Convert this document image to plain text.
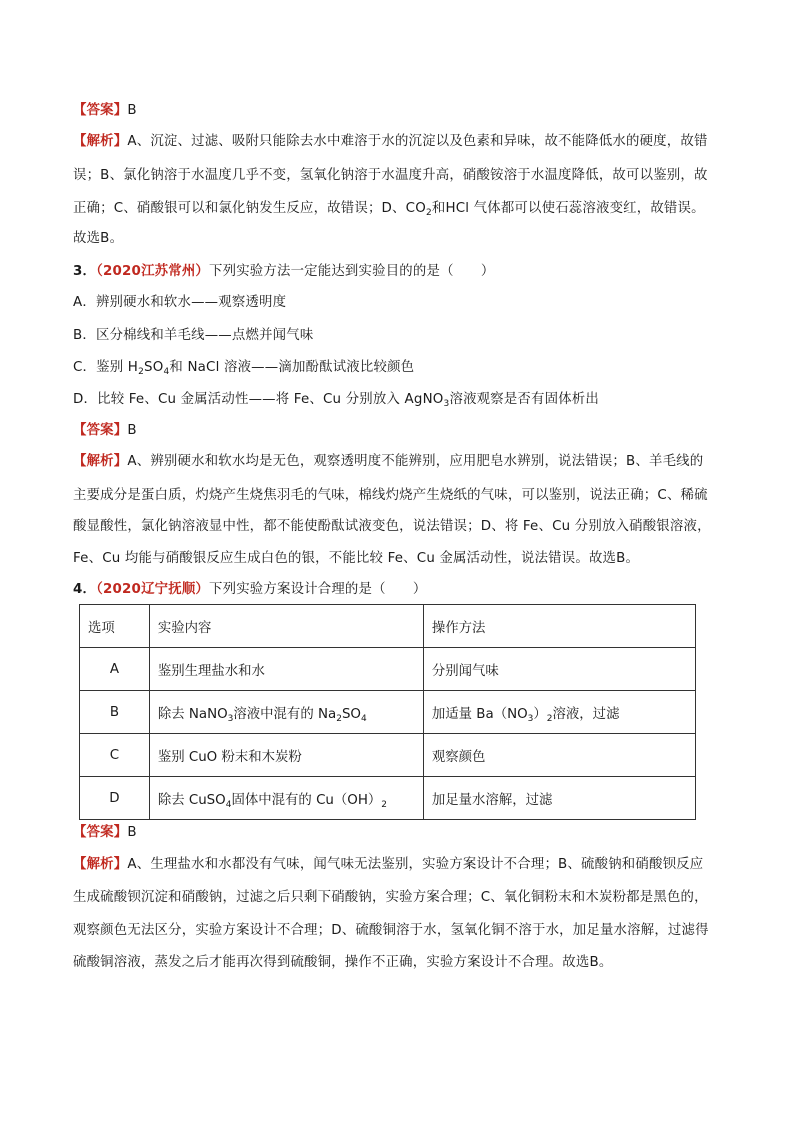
【答案】B
【解析】A、沉淀、过滤、吸附只能除去水中难溶于水的沉淀以及色素和异味，故不能降低水的硬度，故错
误；B、氯化钠溶于水温度几乎不变，氢氧化钠溶于水温度升高，硝酸铵溶于水温度降低，故可以鉴别，故
正确；C、硝酸银可以和氯化钠发生反应，故错误；D、$CO_2$和HCl 气体都可以使石蕊溶液变红，故错误。
故选B。
3．（2020江苏常州）下列实验方法一定能达到实验目的的是（　　）
A．辨别硬水和软水——观察透明度
B．区分棉线和羊毛线——点燃并闻气味
C．鉴别 $H_2SO_4$和 NaCl 溶液——滴加酚酞试液比较颜色
D．比较 Fe、Cu 金属活动性——将 Fe、Cu 分别放入 AgNO$_3$溶液观察是否有固体析出
【答案】B
【解析】A、辨别硬水和软水均是无色，观察透明度不能辨别，应用肥皂水辨别，说法错误；B、羊毛线的
主要成分是蛋白质，灼烧产生烧焦羽毛的气味，棉线灼烧产生烧纸的气味，可以鉴别，说法正确；C、稀硫
酸显酸性，氯化钠溶液显中性，都不能使酚酞试液变色，说法错误；D、将 Fe、Cu 分别放入硝酸银溶液，
Fe、Cu 均能与硝酸银反应生成白色的银，不能比较 Fe、Cu 金属活动性，说法错误。故选B。
4．（2020辽宁抚顺）下列实验方案设计合理的是（　　）
选项	实验内容	操作方法
A	鉴别生理盐水和水	分别闻气味
B	除去 NaNO$_3$溶液中混有的 $Na_2SO_4$	加适量 $Ba(NO_3)_2$溶液，过滤
C	鉴别 CuO 粉末和木炭粉	观察颜色
D	除去 CuSO$_4$固体中混有的 $Cu(OH)_2$	加足量水溶解，过滤
【答案】B
【解析】A、生理盐水和水都没有气味，闻气味无法鉴别，实验方案设计不合理；B、硫酸钠和硝酸钡反应
生成硫酸钡沉淀和硝酸钠，过滤之后只剩下硝酸钠，实验方案合理；C、氧化铜粉末和木炭粉都是黑色的，
观察颜色无法区分，实验方案设计不合理；D、硫酸铜溶于水，氢氧化铜不溶于水，加足量水溶解，过滤得
硫酸铜溶液，蒸发之后才能再次得到硫酸铜，操作不正确，实验方案设计不合理。故选B。
